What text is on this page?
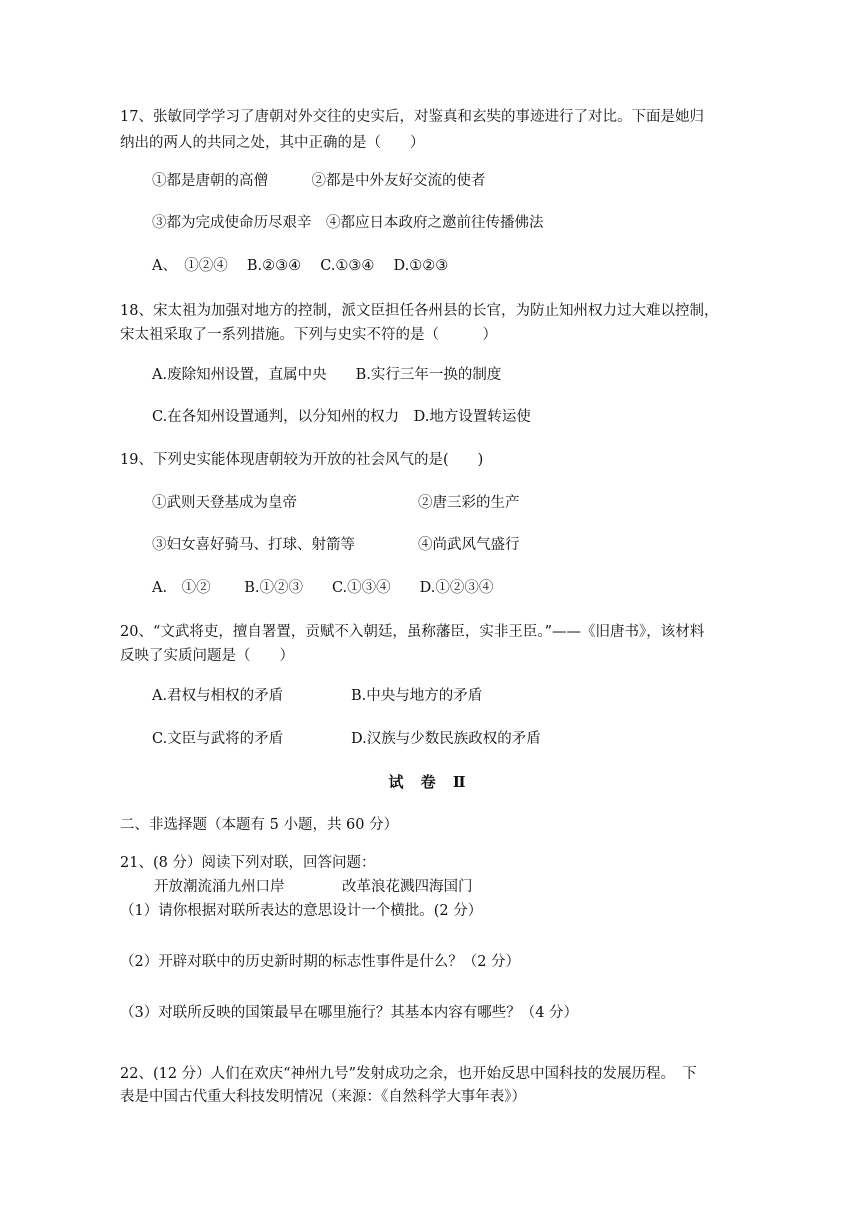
17、张敏同学学习了唐朝对外交往的史实后，对鉴真和玄奘的事迹进行了对比。下面是她归
纳出的两人的共同之处，其中正确的是（　　）
①都是唐朝的高僧　　　②都是中外友好交流的使者
③都为完成使命历尽艰辛　④都应日本政府之邀前往传播佛法
A、　①②④　 B.②③④　 C.①③④　 D.①②③
18、宋太祖为加强对地方的控制，派文臣担任各州县的长官，为防止知州权力过大难以控制，
宋太祖采取了一系列措施。下列与史实不符的是（　　　）
A.废除知州设置，直属中央　　B.实行三年一换的制度
C.在各知州设置通判，以分知州的权力　D.地方设置转运使
19、下列史实能体现唐朝较为开放的社会风气的是(　　)
①武则天登基成为皇帝	②唐三彩的生产
③妇女喜好骑马、打球、射箭等	④尚武风气盛行
A.　①②　　 B.①②③　　C.①③④　　D.①②③④
20、“文武将吏，擅自署置，贡赋不入朝廷，虽称藩臣，实非王臣。”——《旧唐书》，该材料
反映了实质问题是（　　）
A.君权与相权的矛盾	B.中央与地方的矛盾
C.文臣与武将的矛盾	D.汉族与少数民族政权的矛盾
试 卷 Ⅱ
二、非选择题（本题有 5 小题，共 60 分）
21、(8 分）阅读下列对联，回答问题：
开放潮流涌九州口岸	改革浪花溅四海国门
（1）请你根据对联所表达的意思设计一个横批。(2 分）
（2）开辟对联中的历史新时期的标志性事件是什么？（2 分）
（3）对联所反映的国策最早在哪里施行？其基本内容有哪些？（4 分）
22、(12 分）人们在欢庆“神州九号”发射成功之余，也开始反思中国科技的发展历程。　下
表是中国古代重大科技发明情况（来源：《自然科学大事年表》）
